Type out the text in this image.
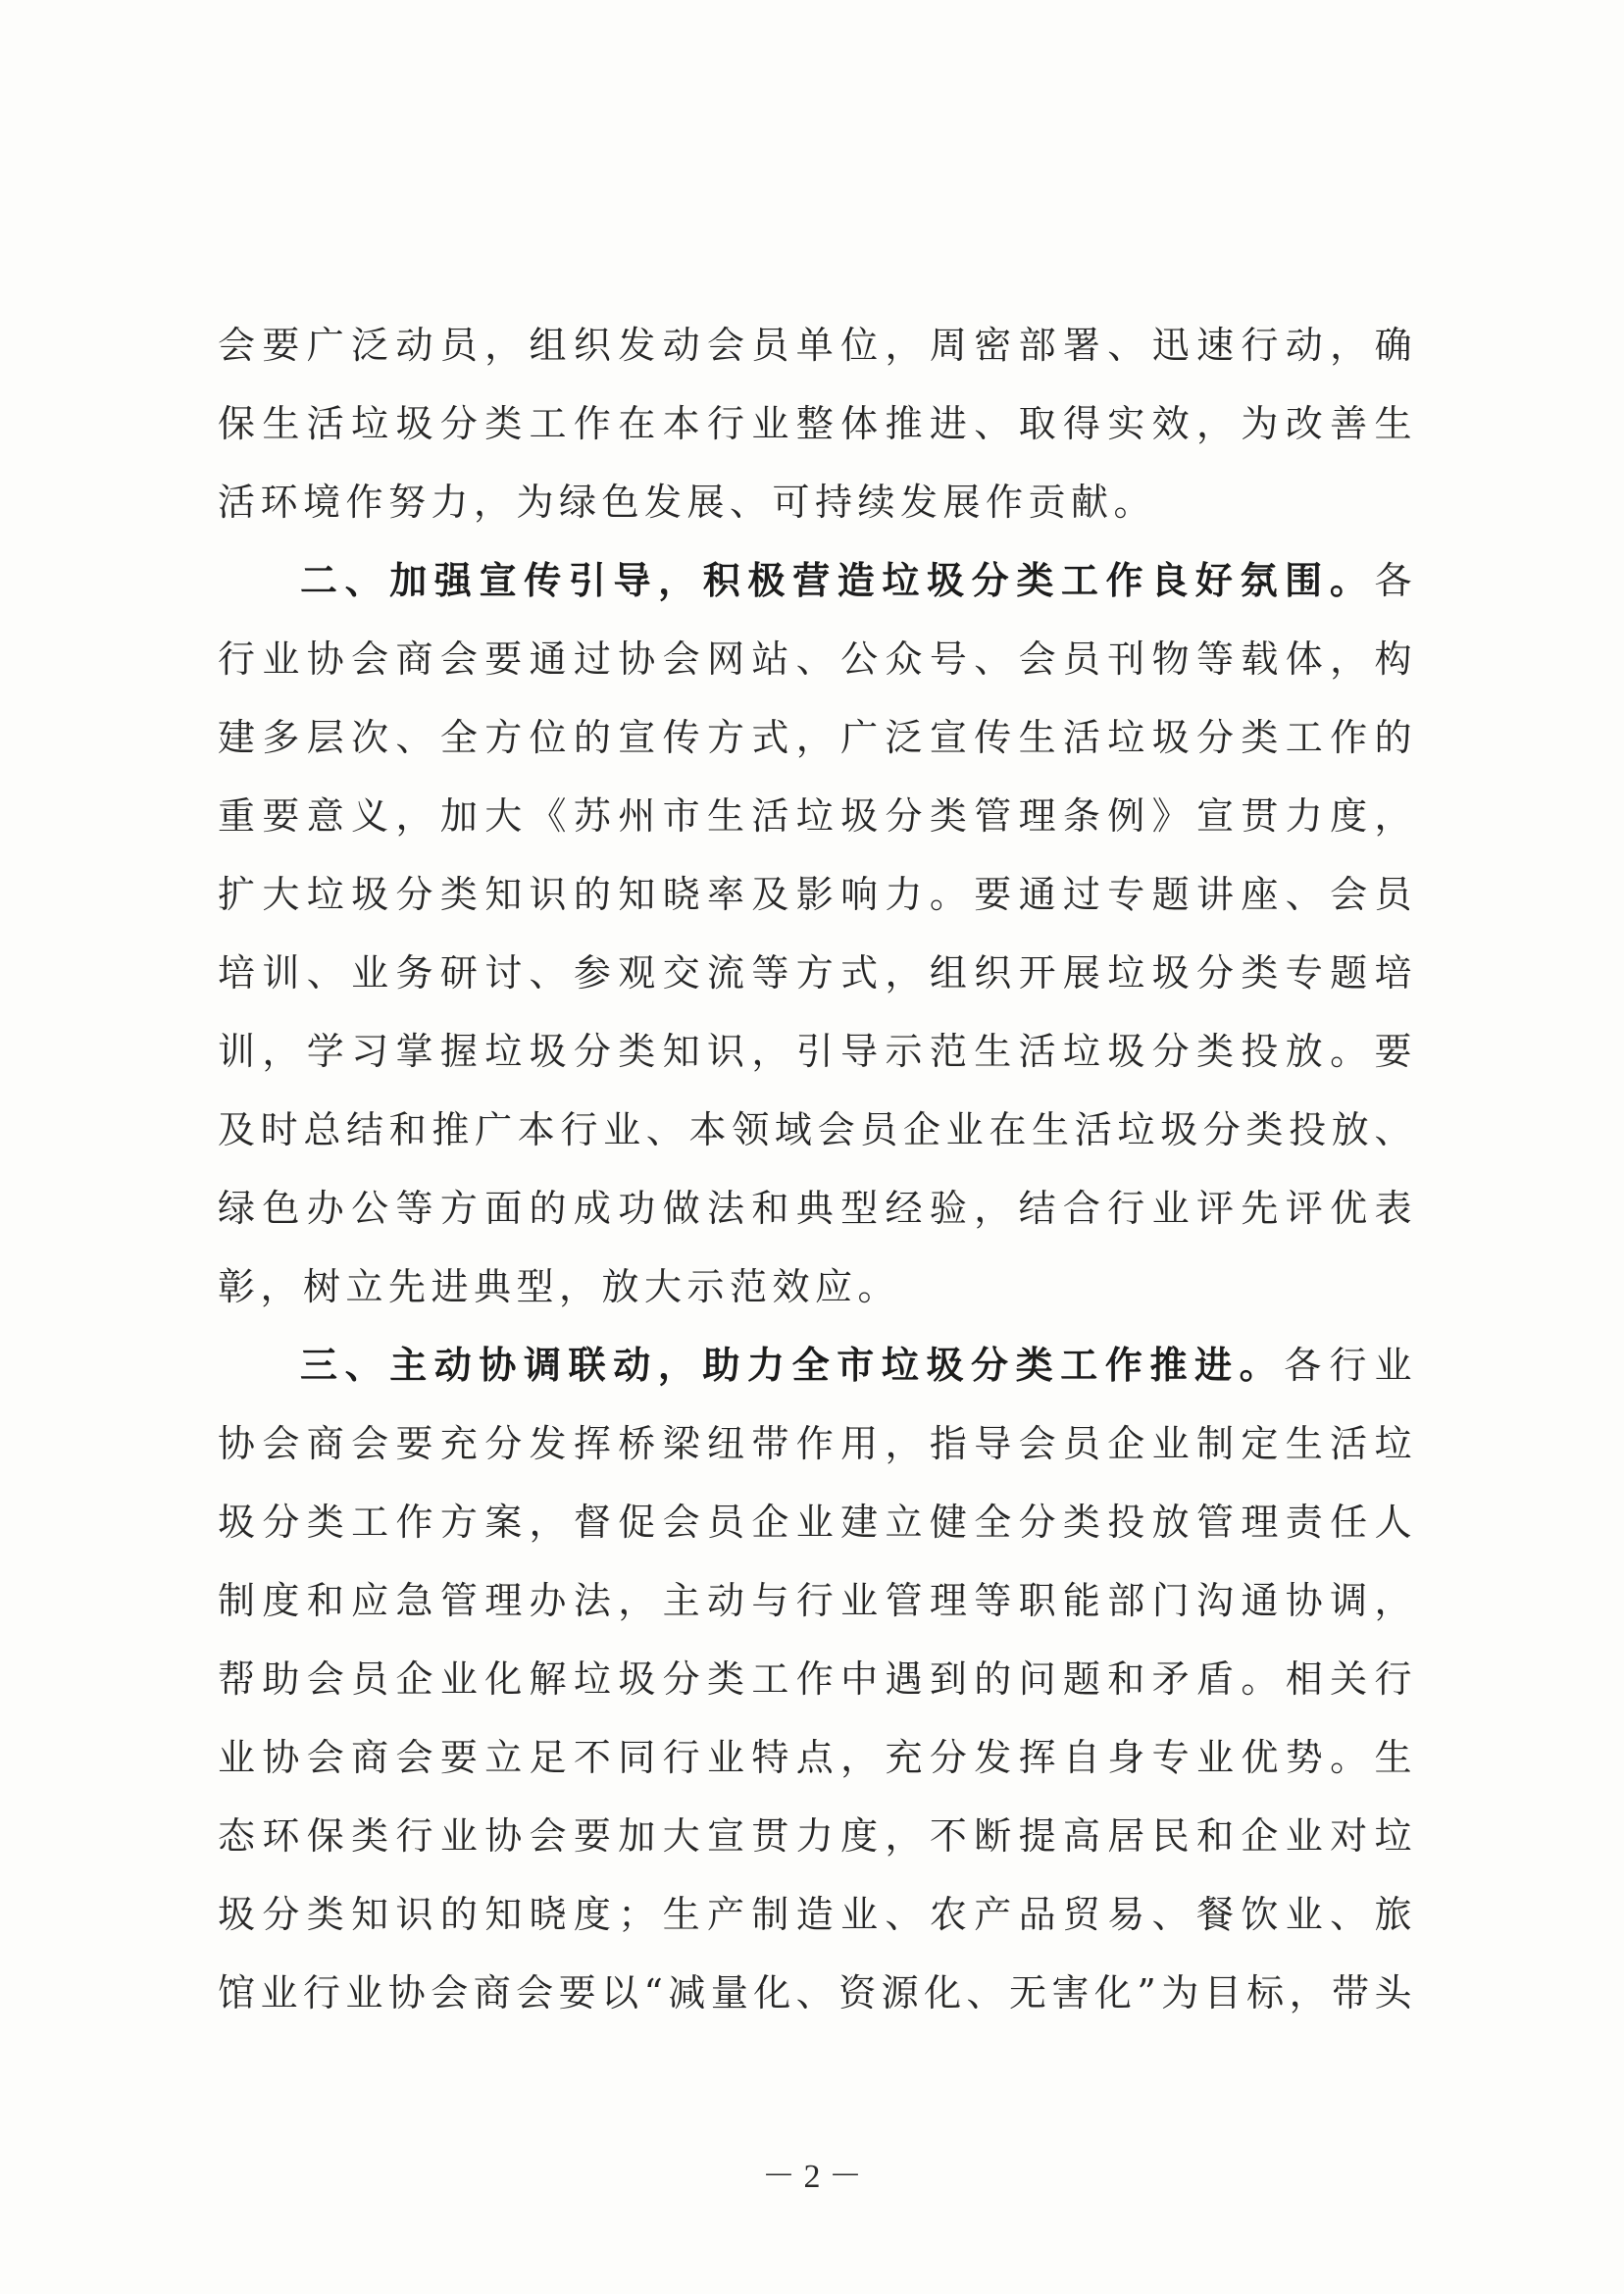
会要广泛动员，组织发动会员单位，周密部署、迅速行动，确
保生活垃圾分类工作在本行业整体推进、取得实效，为改善生
活环境作努力，为绿色发展、可持续发展作贡献。
二、加强宣传引导，积极营造垃圾分类工作良好氛围。各
行业协会商会要通过协会网站、公众号、会员刊物等载体，构
建多层次、全方位的宣传方式，广泛宣传生活垃圾分类工作的
重要意义，加大《苏州市生活垃圾分类管理条例》宣贯力度，
扩大垃圾分类知识的知晓率及影响力。要通过专题讲座、会员
培训、业务研讨、参观交流等方式，组织开展垃圾分类专题培
训，学习掌握垃圾分类知识，引导示范生活垃圾分类投放。要
及时总结和推广本行业、本领域会员企业在生活垃圾分类投放、
绿色办公等方面的成功做法和典型经验，结合行业评先评优表
彰，树立先进典型，放大示范效应。
三、主动协调联动，助力全市垃圾分类工作推进。各行业
协会商会要充分发挥桥梁纽带作用，指导会员企业制定生活垃
圾分类工作方案，督促会员企业建立健全分类投放管理责任人
制度和应急管理办法，主动与行业管理等职能部门沟通协调，
帮助会员企业化解垃圾分类工作中遇到的问题和矛盾。相关行
业协会商会要立足不同行业特点，充分发挥自身专业优势。生
态环保类行业协会要加大宣贯力度，不断提高居民和企业对垃
圾分类知识的知晓度；生产制造业、农产品贸易、餐饮业、旅
馆业行业协会商会要以“减量化、资源化、无害化”为目标，带头
－ 2 －
